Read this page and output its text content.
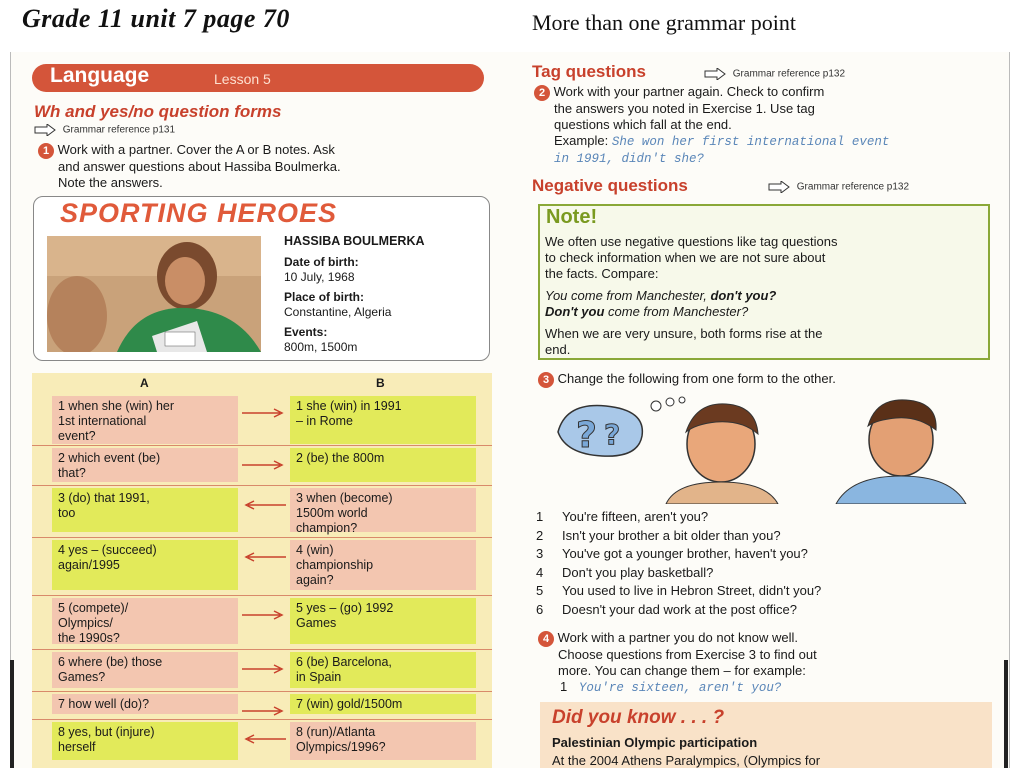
Grade 11 unit 7 page 70	More than one grammar point
Language	Lesson 5
Wh and yes/no question forms
Grammar reference p131
1 Work with a partner. Cover the A or B notes. Ask
and answer questions about Hassiba Boulmerka.
Note the answers.
SPORTING HEROES
HASSIBA BOULMERKA

Date of birth:
10 July, 1968

Place of birth:
Constantine, Algeria

Events:
800m, 1500m
A	B
1 when she (win) her
1st international
event?
1 she (win) in 1991
– in Rome
2 which event (be)
that?
2 (be) the 800m
3 (do) that 1991,
too
3 when (become)
1500m world
champion?
4 yes – (succeed)
again/1995
4 (win)
championship
again?
5 (compete)/
Olympics/
the 1990s?
5 yes – (go) 1992
Games
6 where (be) those
Games?
6 (be) Barcelona,
in Spain
7 how well (do)?	7 (win) gold/1500m
8 yes, but (injure)
herself
8 (run)/Atlanta
Olympics/1996?
Tag questions	Grammar reference p132
2 Work with your partner again. Check to confirm
the answers you noted in Exercise 1. Use tag
questions which fall at the end.
Example: She won her first international event
in 1991, didn't she?
Negative questions	Grammar reference p132
Note!
We often use negative questions like tag questions
to check information when we are not sure about
the facts. Compare:

You come from Manchester, don't you?
Don't you come from Manchester?

When we are very unsure, both forms rise at the
end.
3 Change the following from one form to the other.
? ?
1 You're fifteen, aren't you?
2 Isn't your brother a bit older than you?
3 You've got a younger brother, haven't you?
4 Don't you play basketball?
5 You used to live in Hebron Street, didn't you?
6 Doesn't your dad work at the post office?
4 Work with a partner you do not know well.
Choose questions from Exercise 3 to find out
more. You can change them – for example:
1 You're sixteen, aren't you?
Did you know . . . ?
Palestinian Olympic participation
At the 2004 Athens Paralympics, (Olympics for
